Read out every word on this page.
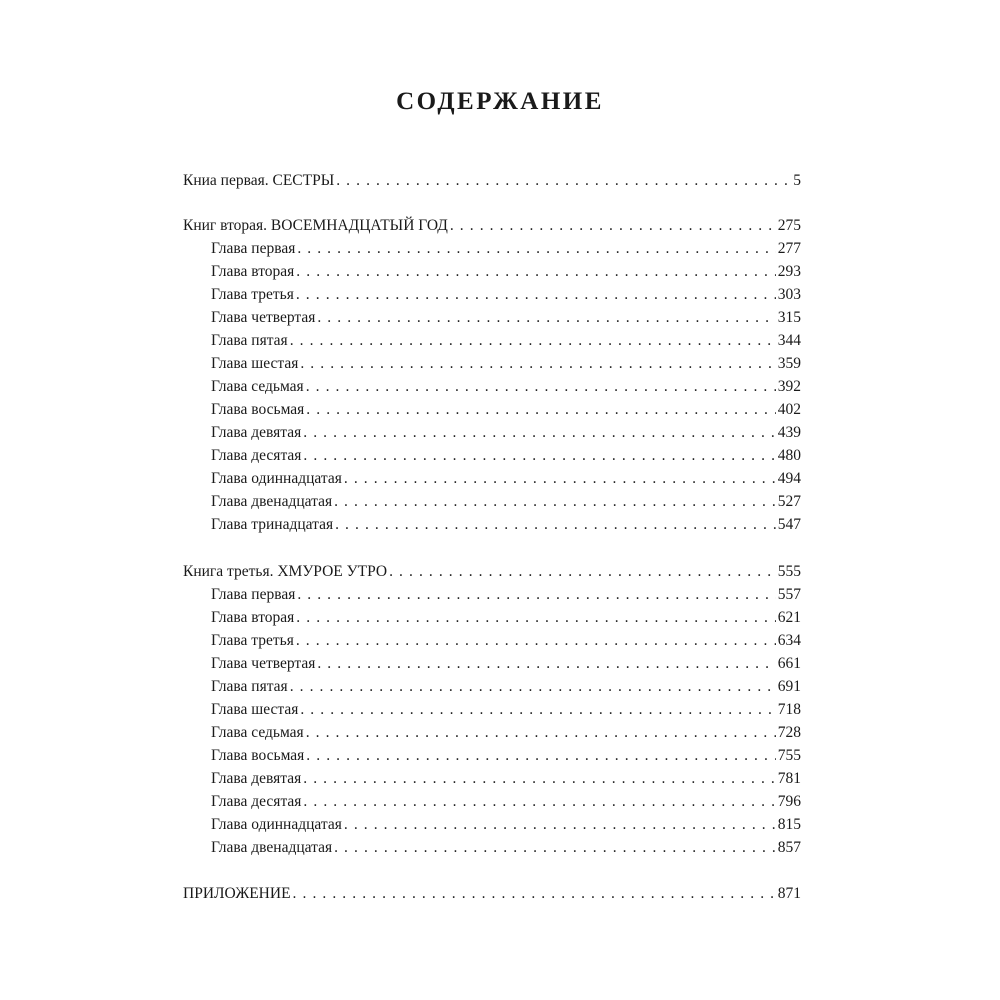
СОДЕРЖАНИЕ
Книа первая. СЕСТРЫ . . .	5
Книг вторая. ВОСЕМНАДЦАТЫЙ ГОД . . .	275
Глава первая . . .	277
Глава вторая . . .	293
Глава третья . . .	303
Глава четвертая . . .	315
Глава пятая . . .	344
Глава шестая . . .	359
Глава седьмая . . .	392
Глава восьмая . . .	402
Глава девятая . . .	439
Глава десятая . . .	480
Глава одиннадцатая . . .	494
Глава двенадцатая . . .	527
Глава тринадцатая . . .	547
Книга третья. ХМУРОЕ УТРО . . .	555
Глава первая . . .	557
Глава вторая . . .	621
Глава третья . . .	634
Глава четвертая . . .	661
Глава пятая . . .	691
Глава шестая . . .	718
Глава седьмая . . .	728
Глава восьмая . . .	755
Глава девятая . . .	781
Глава десятая . . .	796
Глава одиннадцатая . . .	815
Глава двенадцатая . . .	857
ПРИЛОЖЕНИЕ . . .	871
